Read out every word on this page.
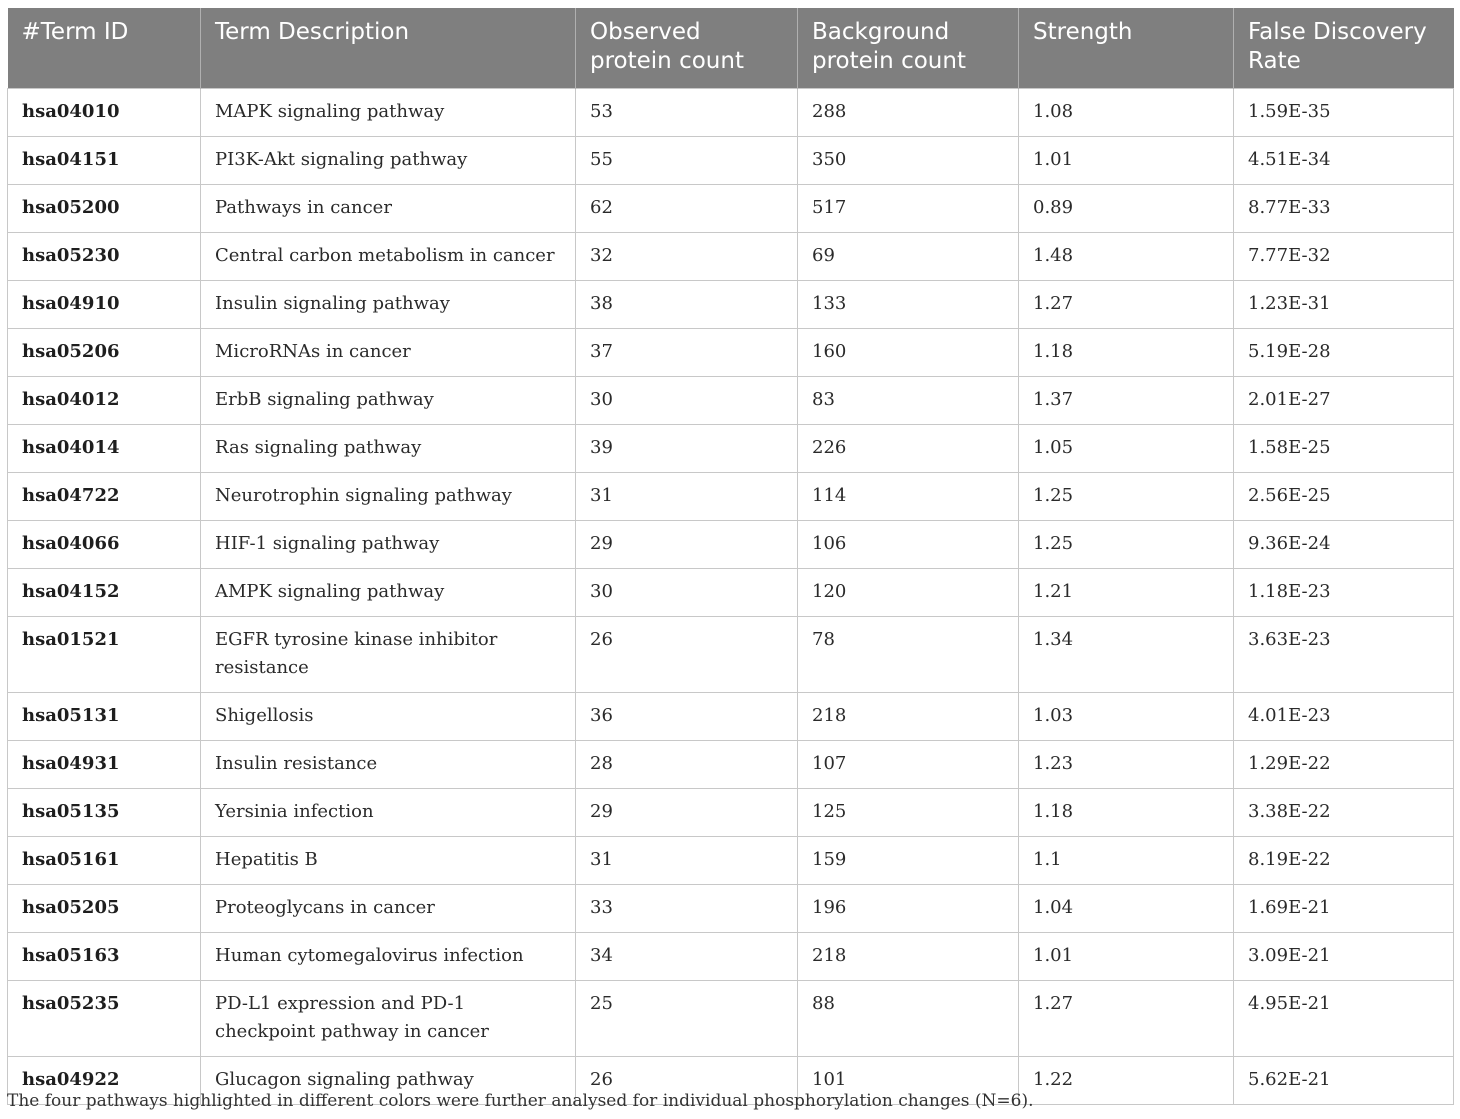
#Term ID	Term Description	Observed protein count	Background protein count	Strength	False Discovery Rate
hsa04010	MAPK signaling pathway	53	288	1.08	1.59E-35
hsa04151	PI3K-Akt signaling pathway	55	350	1.01	4.51E-34
hsa05200	Pathways in cancer	62	517	0.89	8.77E-33
hsa05230	Central carbon metabolism in cancer	32	69	1.48	7.77E-32
hsa04910	Insulin signaling pathway	38	133	1.27	1.23E-31
hsa05206	MicroRNAs in cancer	37	160	1.18	5.19E-28
hsa04012	ErbB signaling pathway	30	83	1.37	2.01E-27
hsa04014	Ras signaling pathway	39	226	1.05	1.58E-25
hsa04722	Neurotrophin signaling pathway	31	114	1.25	2.56E-25
hsa04066	HIF-1 signaling pathway	29	106	1.25	9.36E-24
hsa04152	AMPK signaling pathway	30	120	1.21	1.18E-23
hsa01521	EGFR tyrosine kinase inhibitor resistance	26	78	1.34	3.63E-23
hsa05131	Shigellosis	36	218	1.03	4.01E-23
hsa04931	Insulin resistance	28	107	1.23	1.29E-22
hsa05135	Yersinia infection	29	125	1.18	3.38E-22
hsa05161	Hepatitis B	31	159	1.1	8.19E-22
hsa05205	Proteoglycans in cancer	33	196	1.04	1.69E-21
hsa05163	Human cytomegalovirus infection	34	218	1.01	3.09E-21
hsa05235	PD-L1 expression and PD-1 checkpoint pathway in cancer	25	88	1.27	4.95E-21
hsa04922	Glucagon signaling pathway	26	101	1.22	5.62E-21
The four pathways highlighted in different colors were further analysed for individual phosphorylation changes (N=6).
